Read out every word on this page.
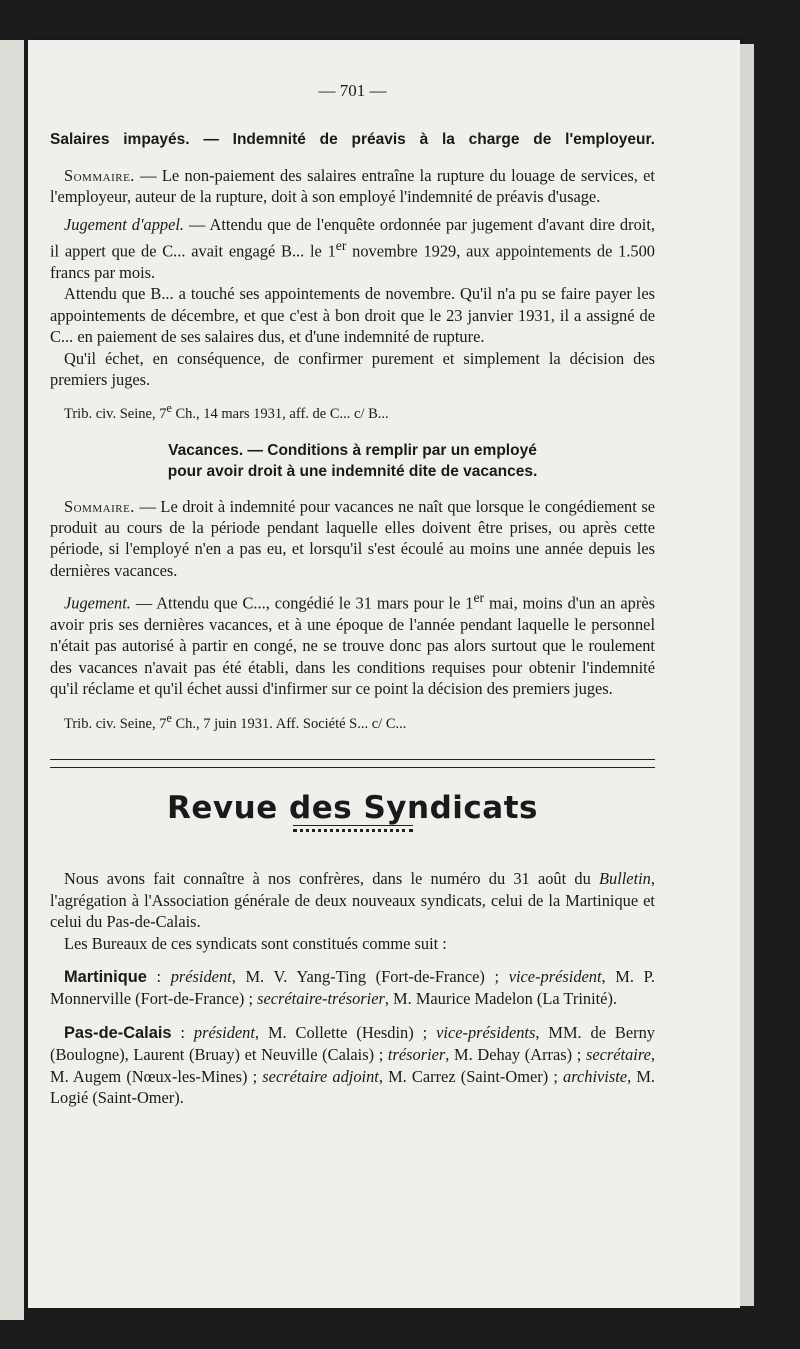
— 701 —
Salaires impayés. — Indemnité de préavis à la charge de l'employeur.

Sommaire. — Le non-paiement des salaires entraîne la rupture du louage de services, et l'employeur, auteur de la rupture, doit à son employé l'indemnité de préavis d'usage.

Jugement d'appel. — Attendu que de l'enquête ordonnée par jugement d'avant dire droit, il appert que de C... avait engagé B... le 1er novembre 1929, aux appointements de 1.500 francs par mois.

Attendu que B... a touché ses appointements de novembre. Qu'il n'a pu se faire payer les appointements de décembre, et que c'est à bon droit que le 23 janvier 1931, il a assigné de C... en paiement de ses salaires dus, et d'une indemnité de rupture.

Qu'il échet, en conséquence, de confirmer purement et simplement la décision des premiers juges.

Trib. civ. Seine, 7e Ch., 14 mars 1931, aff. de C... c/ B...

Vacances. — Conditions à remplir par un employé
pour avoir droit à une indemnité dite de vacances.

Sommaire. — Le droit à indemnité pour vacances ne naît que lorsque le congédiement se produit au cours de la période pendant laquelle elles doivent être prises, ou après cette période, si l'employé n'en a pas eu, et lorsqu'il s'est écoulé au moins une année depuis les dernières vacances.

Jugement. — Attendu que C..., congédié le 31 mars pour le 1er mai, moins d'un an après avoir pris ses dernières vacances, et à une époque de l'année pendant laquelle le personnel n'était pas autorisé à partir en congé, ne se trouve donc pas alors surtout que le roulement des vacances n'avait pas été établi, dans les conditions requises pour obtenir l'indemnité qu'il réclame et qu'il échet aussi d'infirmer sur ce point la décision des premiers juges.

Trib. civ. Seine, 7e Ch., 7 juin 1931. Aff. Société S... c/ C...

Revue des Syndicats

Nous avons fait connaître à nos confrères, dans le numéro du 31 août du Bulletin, l'agrégation à l'Association générale de deux nouveaux syndicats, celui de la Martinique et celui du Pas-de-Calais.

Les Bureaux de ces syndicats sont constitués comme suit :

Martinique : président, M. V. Yang-Ting (Fort-de-France) ; vice-président, M. P. Monnerville (Fort-de-France) ; secrétaire-trésorier, M. Maurice Madelon (La Trinité).

Pas-de-Calais : président, M. Collette (Hesdin) ; vice-présidents, MM. de Berny (Boulogne), Laurent (Bruay) et Neuville (Calais) ; trésorier, M. Dehay (Arras) ; secrétaire, M. Augem (Nœux-les-Mines) ; secrétaire adjoint, M. Carrez (Saint-Omer) ; archiviste, M. Logié (Saint-Omer).
